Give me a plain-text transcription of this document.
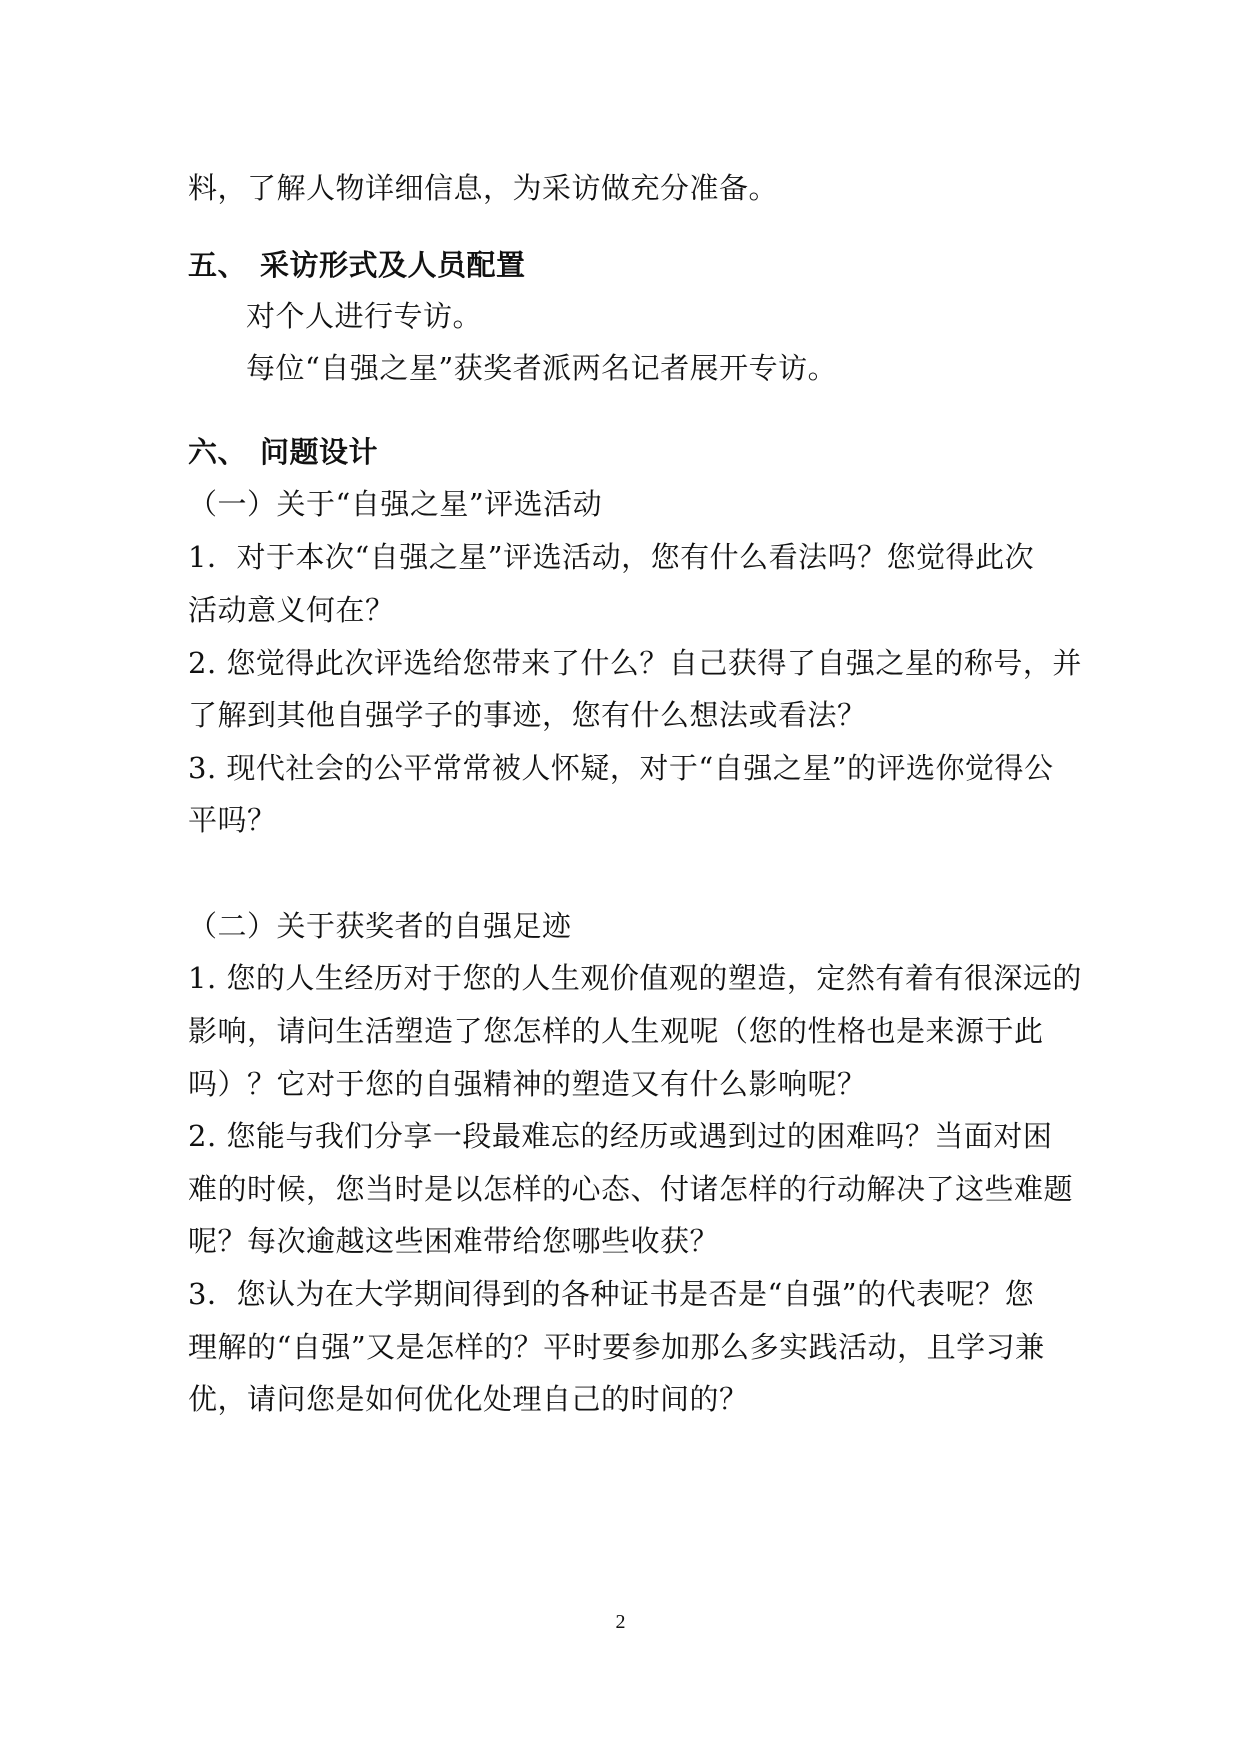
料，了解人物详细信息，为采访做充分准备。
五、 采访形式及人员配置
对个人进行专访。
每位“自强之星”获奖者派两名记者展开专访。
六、 问题设计
（一）关于“自强之星”评选活动
1．对于本次“自强之星”评选活动，您有什么看法吗？您觉得此次
活动意义何在？
2. 您觉得此次评选给您带来了什么？自己获得了自强之星的称号，并
了解到其他自强学子的事迹，您有什么想法或看法？
3. 现代社会的公平常常被人怀疑，对于“自强之星”的评选你觉得公
平吗？
（二）关于获奖者的自强足迹
1. 您的人生经历对于您的人生观价值观的塑造，定然有着有很深远的
影响，请问生活塑造了您怎样的人生观呢（您的性格也是来源于此
吗）？它对于您的自强精神的塑造又有什么影响呢？
2. 您能与我们分享一段最难忘的经历或遇到过的困难吗？当面对困
难的时候，您当时是以怎样的心态、付诸怎样的行动解决了这些难题
呢？每次逾越这些困难带给您哪些收获？
3．您认为在大学期间得到的各种证书是否是“自强”的代表呢？您
理解的“自强”又是怎样的？平时要参加那么多实践活动，且学习兼
优，请问您是如何优化处理自己的时间的？
2
